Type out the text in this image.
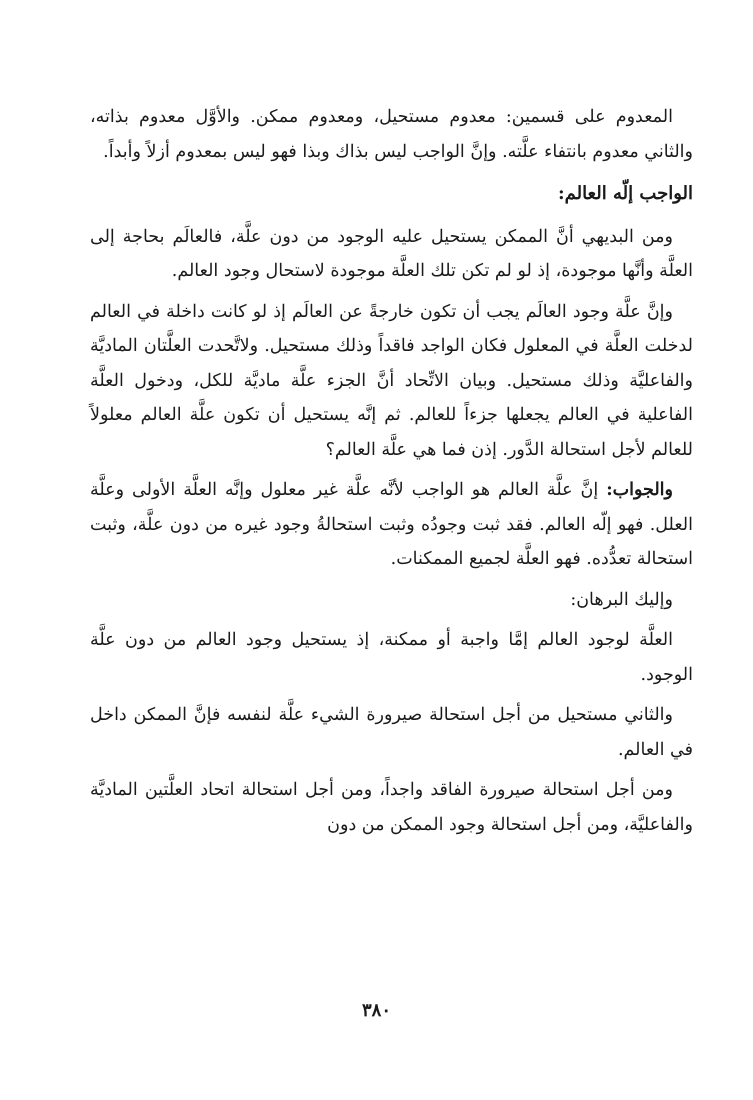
المعدوم على قسمين: معدوم مستحيل، ومعدوم ممكن. والأوَّل معدوم بذاته، والثاني معدوم بانتفاء علَّته. وإنَّ الواجب ليس بذاك وبذا فهو ليس بمعدوم أزلاً وأبداً.

الواجب إلّه العالم:

ومن البديهي أنَّ الممكن يستحيل عليه الوجود من دون علَّة، فالعالَم بحاجة إلى العلَّة وأنَّها موجودة، إذ لو لم تكن تلك العلَّة موجودة لاستحال وجود العالم.

وإنَّ علَّة وجود العالَم يجب أن تكون خارجةً عن العالَم إذ لو كانت داخلة في العالم لدخلت العلَّة في المعلول فكان الواجد فاقداً وذلك مستحيل. ولاتَّحدت العلَّتان الماديَّة والفاعليَّة وذلك مستحيل. وبيان الاتِّحاد أنَّ الجزء علَّة ماديَّة للكل، ودخول العلَّة الفاعلية في العالم يجعلها جزءاً للعالم. ثم إنَّه يستحيل أن تكون علَّة العالم معلولاً للعالم لأجل استحالة الدَّور. إذن فما هي علَّة العالم؟

والجواب: إنَّ علَّة العالم هو الواجب لأنَّه علَّة غير معلول وإنَّه العلَّة الأولى وعلَّة العلل. فهو إلّه العالم. فقد ثبت وجودُه وثبت استحالةُ وجود غيره من دون علَّة، وثبت استحالة تعدُّده. فهو العلَّة لجميع الممكنات.

وإليك البرهان:

العلَّة لوجود العالم إمَّا واجبة أو ممكنة، إذ يستحيل وجود العالم من دون علَّة الوجود.

والثاني مستحيل من أجل استحالة صيرورة الشيء علَّة لنفسه فإنَّ الممكن داخل في العالم.

ومن أجل استحالة صيرورة الفاقد واجداً، ومن أجل استحالة اتحاد العلَّتين الماديَّة والفاعليَّة، ومن أجل استحالة وجود الممكن من دون

٣٨٠
